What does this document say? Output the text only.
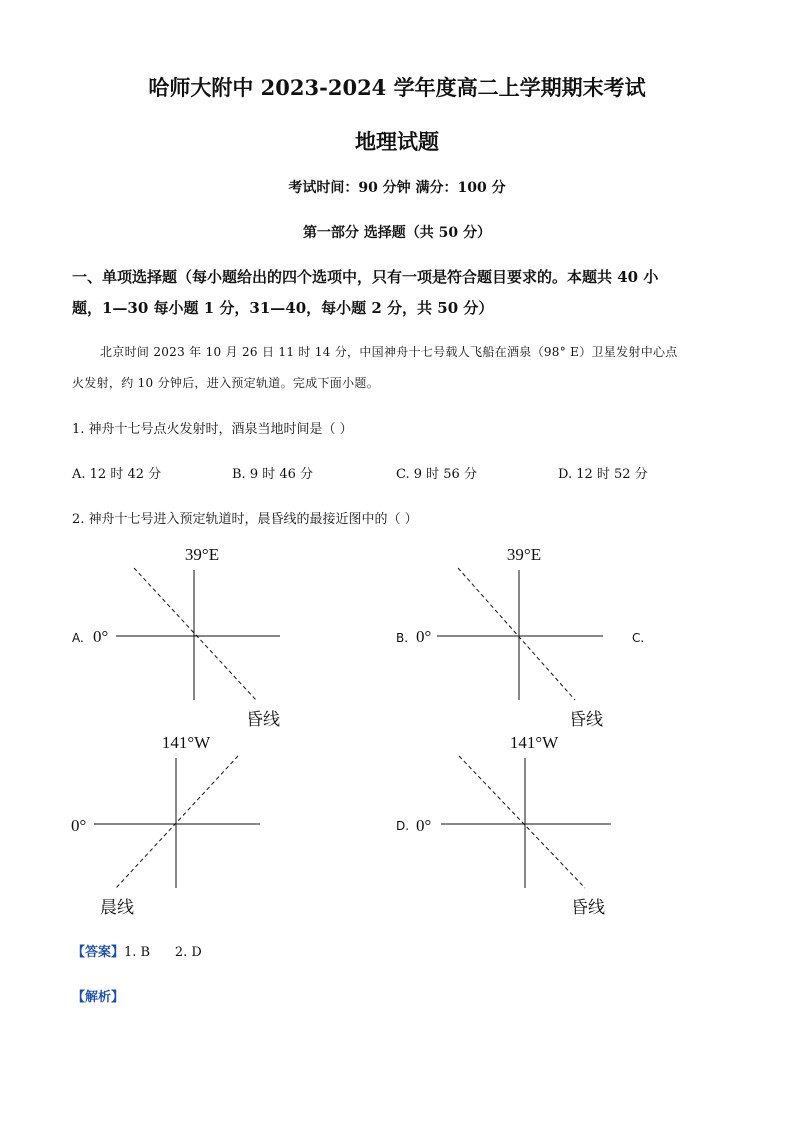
哈师大附中 2023-2024 学年度高二上学期期末考试
地理试题
考试时间：90 分钟 满分：100 分
第一部分 选择题（共 50 分）
一、单项选择题（每小题给出的四个选项中，只有一项是符合题目要求的。本题共 40 小
题，1—30 每小题 1 分，31—40，每小题 2 分，共 50 分）
北京时间 2023 年 10 月 26 日 11 时 14 分，中国神舟十七号载人飞船在酒泉（98° E）卫星发射中心点
火发射，约 10 分钟后，进入预定轨道。完成下面小题。
1. 神舟十七号点火发射时，酒泉当地时间是（ ）
A. 12 时 42 分	B. 9 时 46 分	C. 9 时 56 分	D. 12 时 52 分
2. 神舟十七号进入预定轨道时，晨昏线的最接近图中的（ ）
A. 0°
39°E
昏线
B. 0°
39°E
昏线
C.
0°
141°W
晨线
D. 0°
141°W
昏线
【答案】1. B      2. D
【解析】
